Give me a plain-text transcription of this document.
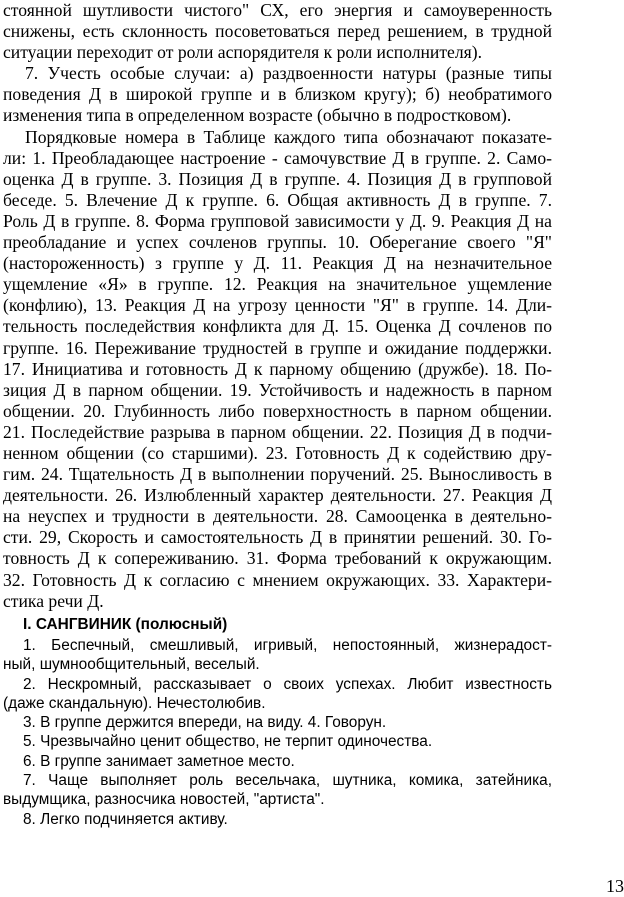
стоянной шутливости чистого" СХ, его энергия и самоуверенность
снижены, есть склонность посоветоваться перед решением, в трудной
ситуации переходит от роли аспорядителя к роли исполнителя).
7. Учесть особые случаи: а) раздвоенности натуры (разные типы
поведения Д в широкой группе и в близком кругу); б) необратимого
изменения типа в определенном возрасте (обычно в подростковом).
Порядковые номера в Таблице каждого типа обозначают показате-
ли: 1. Преобладающее настроение - самочувствие Д в группе. 2. Само-
оценка Д в группе. 3. Позиция Д в группе. 4. Позиция Д в групповой
беседе. 5. Влечение Д к группе. 6. Общая активность Д в группе. 7.
Роль Д в группе. 8. Форма групповой зависимости у Д. 9. Реакция Д на
преобладание и успех сочленов группы. 10. Оберегание своего "Я"
(настороженность) з группе у Д. 11. Реакция Д на незначительное
ущемление «Я» в группе. 12. Реакция на значительное ущемление
(конфлию), 13. Реакция Д на угрозу ценности "Я" в группе. 14. Дли-
тельность последействия конфликта для Д. 15. Оценка Д сочленов по
группе. 16. Переживание трудностей в группе и ожидание поддержки.
17. Инициатива и готовность Д к парному общению (дружбе). 18. По-
зиция Д в парном общении. 19. Устойчивость и надежность в парном
общении. 20. Глубинность либо поверхностность в парном общении.
21. Последействие разрыва в парном общении. 22. Позиция Д в подчи-
ненном общении (со старшими). 23. Готовность Д к содействию дру-
гим. 24. Тщательность Д в выполнении поручений. 25. Выносливость в
деятельности. 26. Излюбленный характер деятельности. 27. Реакция Д
на неуспех и трудности в деятельности. 28. Самооценка в деятельно-
сти. 29, Скорость и самостоятельность Д в принятии решений. 30. Го-
товность Д к сопереживанию. 31. Форма требований к окружающим.
32. Готовность Д к согласию с мнением окружающих. 33. Характери-
стика речи Д.
I. САНГВИНИК (полюсный)
1. Беспечный, смешливый, игривый, непостоянный, жизнерадост-
ный, шумнообщительный, веселый.
2. Нескромный, рассказывает о своих успехах. Любит известность
(даже скандальную). Нечестолюбив.
3. В группе держится впереди, на виду. 4. Говорун.
5. Чрезвычайно ценит общество, не терпит одиночества.
6. В группе занимает заметное место.
7. Чаще выполняет роль весельчака, шутника, комика, затейника,
выдумщика, разносчика новостей, "артиста".
8. Легко подчиняется активу.
13
